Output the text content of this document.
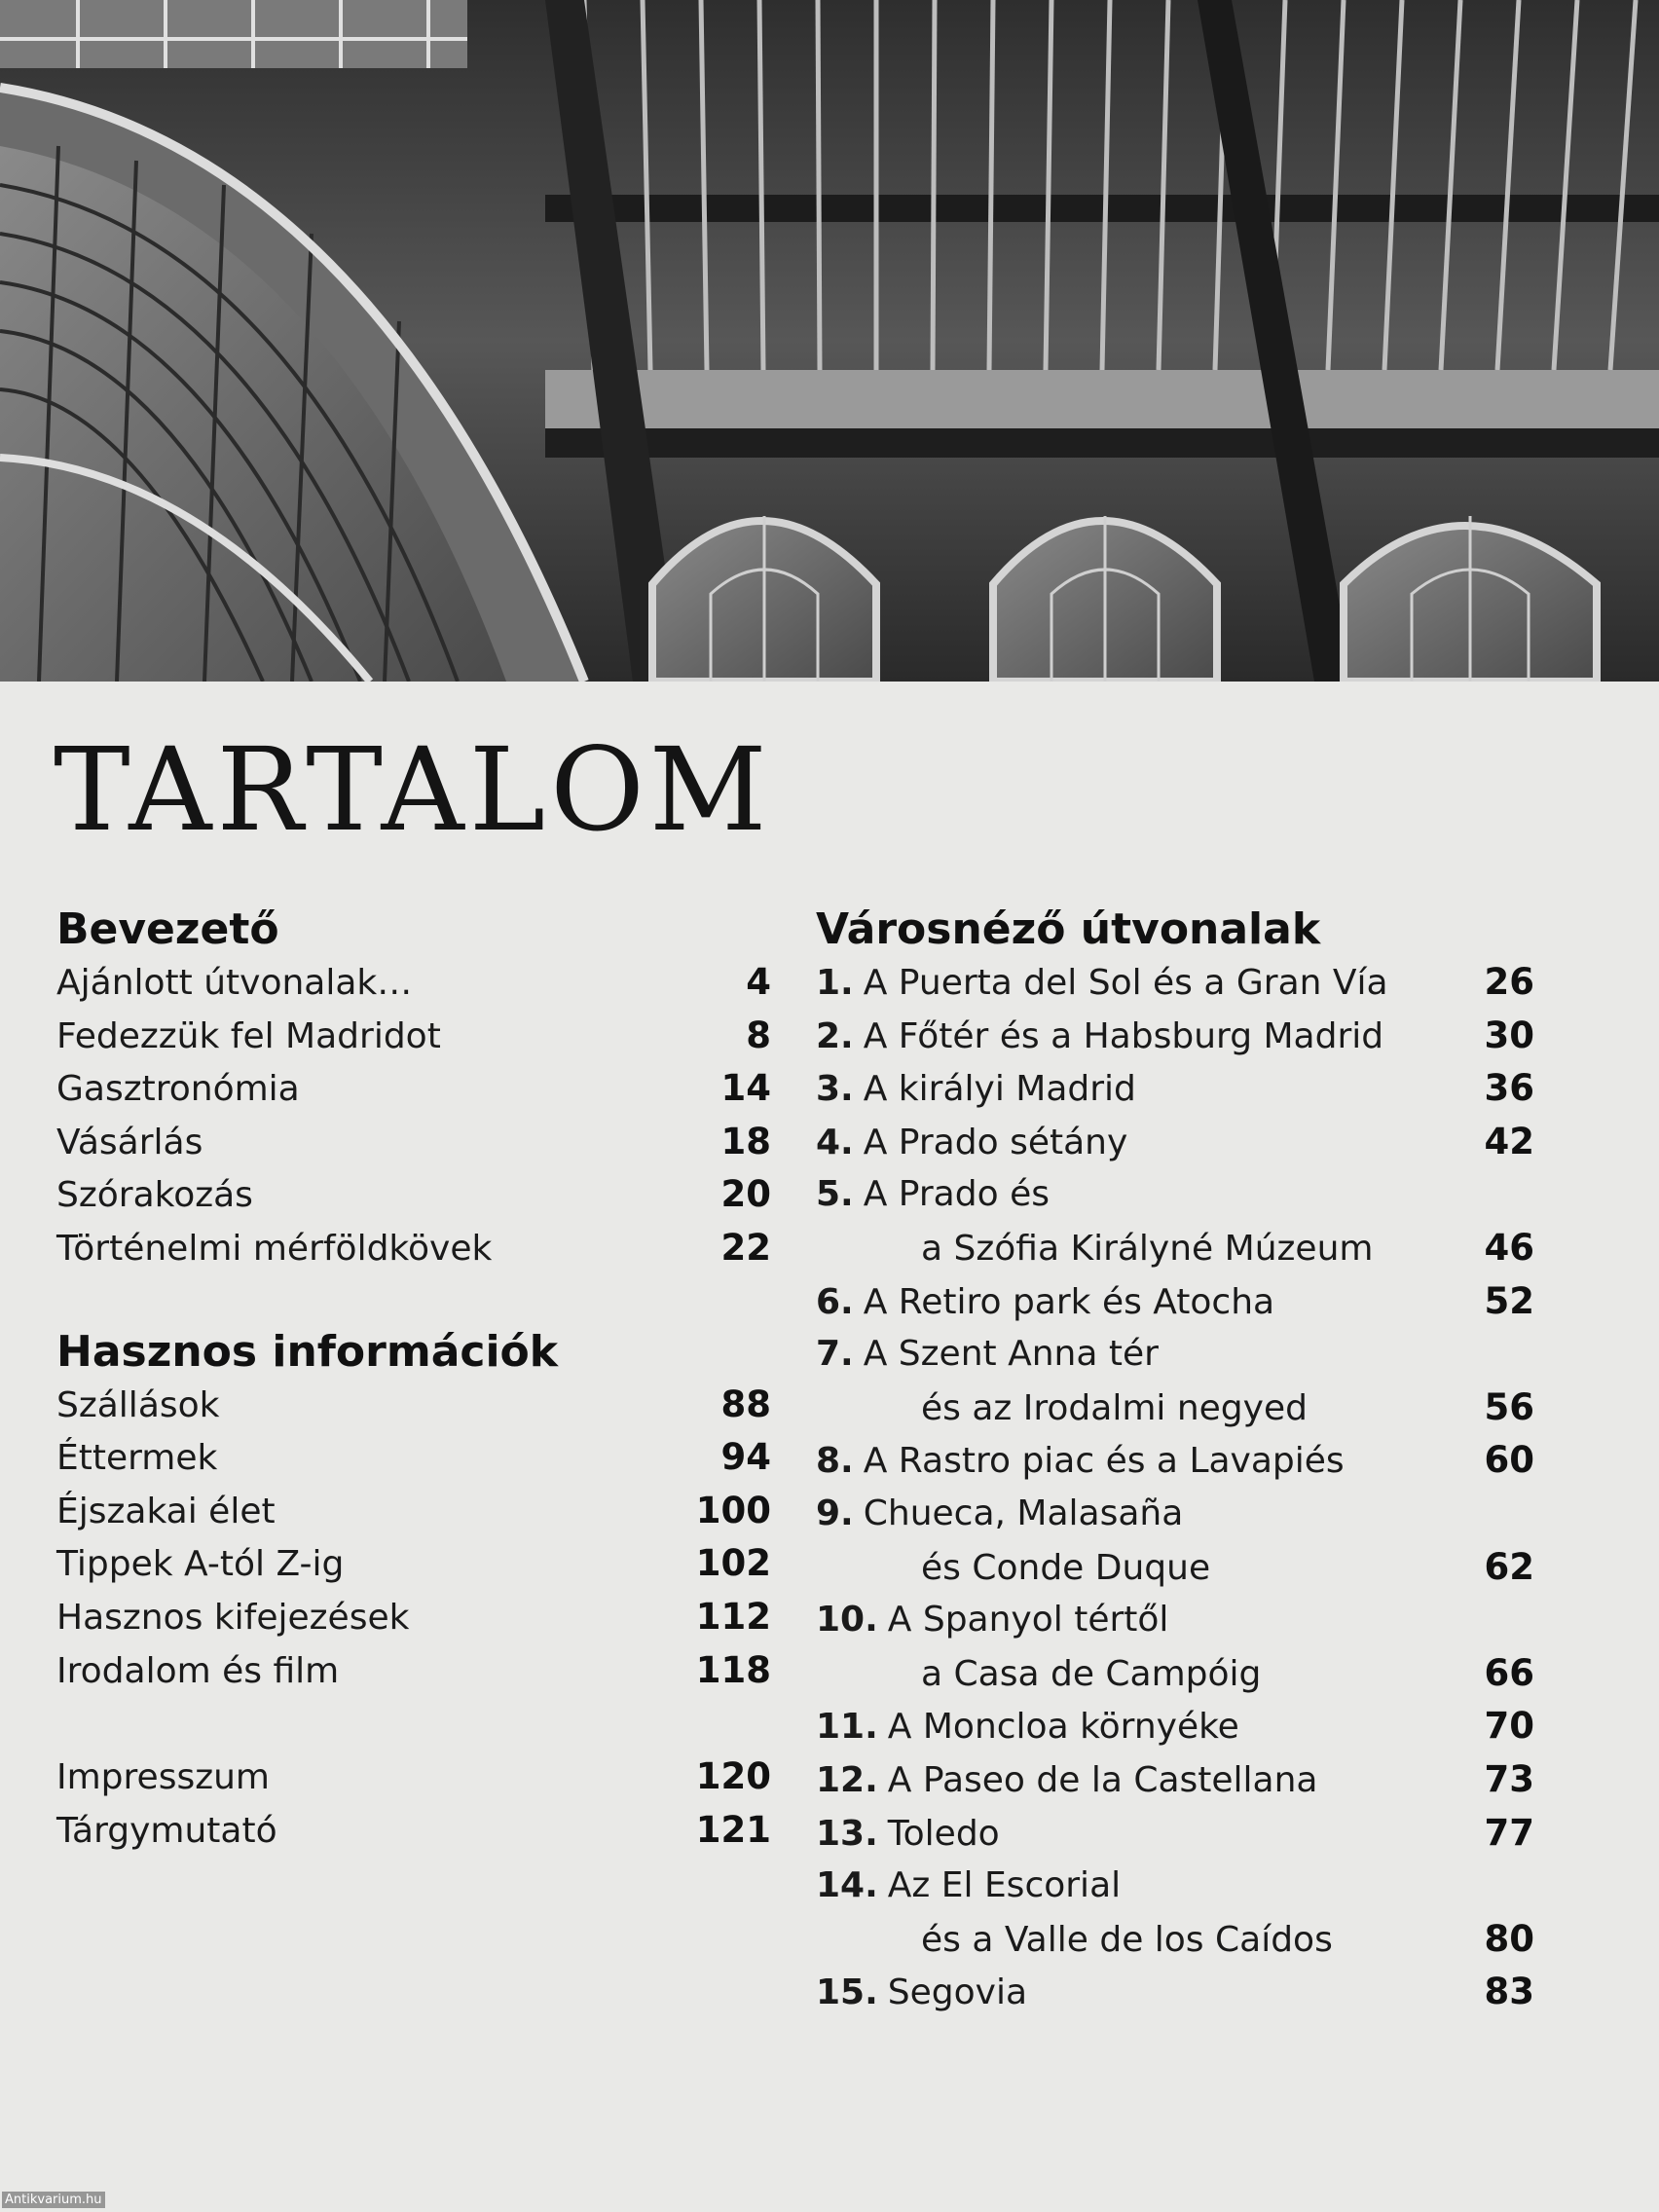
TARTALOM
Bevezető
Ajánlott útvonalak…	4
Fedezzük fel Madridot	8
Gasztronómia	14
Vásárlás	18
Szórakozás	20
Történelmi mérföldkövek	22
Hasznos információk
Szállások	88
Éttermek	94
Éjszakai élet	100
Tippek A-tól Z-ig	102
Hasznos kifejezések	112
Irodalom és film	118
Impresszum	120
Tárgymutató	121
Városnéző útvonalak
1. A Puerta del Sol és a Gran Vía	26
2. A Főtér és a Habsburg Madrid	30
3. A királyi Madrid	36
4. A Prado sétány	42
5. A Prado és
a Szófia Királyné Múzeum	46
6. A Retiro park és Atocha	52
7. A Szent Anna tér
és az Irodalmi negyed	56
8. A Rastro piac és a Lavapiés	60
9. Chueca, Malasaña
és Conde Duque	62
10. A Spanyol tértől
a Casa de Campóig	66
11. A Moncloa környéke	70
12. A Paseo de la Castellana	73
13. Toledo	77
14. Az El Escorial
és a Valle de los Caídos	80
15. Segovia	83
Antikvarium.hu
